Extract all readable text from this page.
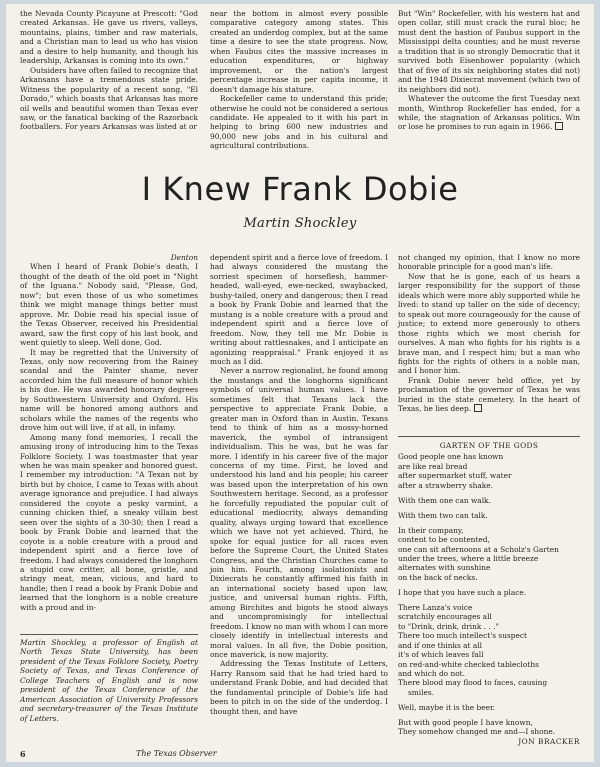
the Nevada County Picayune at Prescott: "God created Arkansas. He gave us rivers, valleys, mountains, plains, timber and raw materials, and a Christian man to lead us who has vision and a desire to help humanity, and though his leadership, Arkansas is coming into its own."

Outsiders have often failed to recognize that Arkansans have a tremendous state pride. Witness the popularity of a recent song, "El Dorado," which boasts that Arkansas has more oil wells and beautiful women than Texas ever saw, or the fanatical backing of the Razorback footballers. For years Arkansas was listed at or

near the bottom in almost every possible comparative category among states. This created an underdog complex, but at the same time a desire to see the state progress. Now, when Faubus cites the massive increases in education expenditures, or highway improvement, or the nation's largest percentage increase in per capita income, it doesn't damage his stature.

Rockefeller came to understand this pride; otherwise he could not be considered a serious candidate. He appealed to it with his part in helping to bring 600 new industries and 90,000 new jobs and in his cultural and agricultural contributions.

But "Win" Rockefeller, with his western hat and open collar, still must crack the rural bloc; he must dent the bastion of Faubus support in the Mississippi delta counties; and he must reverse a tradition that is so strongly Democratic that it survived both Eisenhower popularity (which that of five of its six neighboring states did not) and the 1948 Dixiecrat movement (which two of its neighbors did not).

Whatever the outcome the first Tuesday next month, Winthrop Rockefeller has ended, for a while, the stagnation of Arkansas politics. Win or lose he promises to run again in 1966.

I Knew Frank Dobie
Martin Shockley
Denton

When I heard of Frank Dobie's death, I thought of the death of the old poet in "Night of the Iguana." Nobody said, "Please, God, now"; but even those of us who sometimes think we might manage things better must approve. Mr. Dobie read his special issue of the Texas Observer, received his Presidential award, saw the first copy of his last book, and went quietly to sleep. Well done, God.

It may be regretted that the University of Texas, only now recovering from the Rainey scandal and the Painter shame, never accorded him the full measure of honor which is his due. He was awarded honorary degrees by Southwestern University and Oxford. His name will be honored among authors and scholars while the names of the regents who drove him out will live, if at all, in infamy.

Among many fond memories, I recall the amusing irony of introducing him to the Texas Folklore Society. I was toastmaster that year when he was main speaker and honored guest. I remember my introduction: "A Texan not by birth but by choice, I came to Texas with about average ignorance and prejudice. I had always considered the coyote a pesky varmint, a cunning chicken thief, a sneaky villain best seen over the sights of a 30-30; then I read a book by Frank Dobie and learned that the coyote is a noble creature with a proud and independent spirit and a fierce love of freedom. I had always considered the longhorn a stupid cow critter, all bone, gristle, and stringy meat, mean, vicious, and hard to handle; then I read a book by Frank Dobie and learned that the longhorn is a noble creature with a proud and in-

Martin Shockley, a professor of English at North Texas State University, has been president of the Texas Folklore Society, Poetry Society of Texas, and Texas Conference of College Teachers of English and is now president of the Texas Conference of the American Association of University Professors and secretary-treasurer of the Texas Institute of Letters.

dependent spirit and a fierce love of freedom. I had always considered the mustang the sorriest specimen of horseflesh, hammer-headed, wall-eyed, ewe-necked, swaybacked, bushy-tailed, onery and dangerous; then I read a book by Frank Dobie and learned that the mustang is a noble creature with a proud and independent spirit and a fierce love of freedom. Now, they tell me Mr. Dobie is writing about rattlesnakes, and I anticipate an agonizing reappraisal." Frank enjoyed it as much as I did.

Never a narrow regionalist, he found among the mustangs and the longhorns significant symbols of universal human values. I have sometimes felt that Texans lack the perspective to appreciate Frank Dobie, a greater man in Oxford than in Austin. Texans tend to think of him as a mossy-horned maverick, the symbol of intransigent individualism. This he was, but he was far more. I identify in his career five of the major concerns of my time. First, he loved and understood his land and his people; his career was based upon the interpretation of his own Southwestern heritage. Second, as a professor he forcefully repudiated the popular cult of educational mediocrity, always demanding quality, always urging toward that excellence which we have not yet achieved. Third, he spoke for equal justice for all races even before the Supreme Court, the United States Congress, and the Christian Churches came to join him. Fourth, among isolationists and Dixiecrats he constantly affirmed his faith in an international society based upon law, justice, and universal human rights. Fifth, among Birchites and bigots he stood always and uncompromisingly for intellectual freedom. I know no man with whom I can more closely identify in intellectual interests and moral values. In all five, the Dobie position, once maverick, is now majority.

Addressing the Texas Institute of Letters, Harry Ransom said that he had tried hard to understand Frank Dobie, and had decided that the fundamental principle of Dobie's life had been to pitch in on the side of the underdog. I thought then, and have

not changed my opinion, that I know no more honorable principle for a good man's life.

Now that he is gone, each of us hears a larger responsibility for the support of those ideals which were more ably supported while he lived: to stand up taller on the side of decency; to speak out more courageously for the cause of justice; to extend more generously to others those rights which we most cherish for ourselves. A man who fights for his rights is a brave man, and I respect him; but a man who fights for the rights of others is a noble man, and I honor him.

Frank Dobie never held office, yet by proclamation of the governor of Texas he was buried in the state cemetery. In the heart of Texas, he lies deep.

GARTEN OF THE GODS
Good people one has known
are like real bread
after supermarket stuff, water
after a strawberry shake.
With them one can walk.
With them two can talk.
In their company,
content to be contented,
one can sit afternoons at a Scholz's Garten
under the trees, where a little breeze
alternates with sunshine
on the back of necks.
I hope that you have such a place.
There Lanza's voice
scratchily encourages all
to "Drink, drink, drink . . ."
There too much intellect's suspect
and if one thinks at all
it's of which leaves fall
on red-and-white checked tablecloths
and which do not.
There blood may flood to faces, causing
smiles.
Well, maybe it is the beer.
But with good people I have known,
They somehow changed me and—I shone.
JON BRACKER
6	The Texas Observer
